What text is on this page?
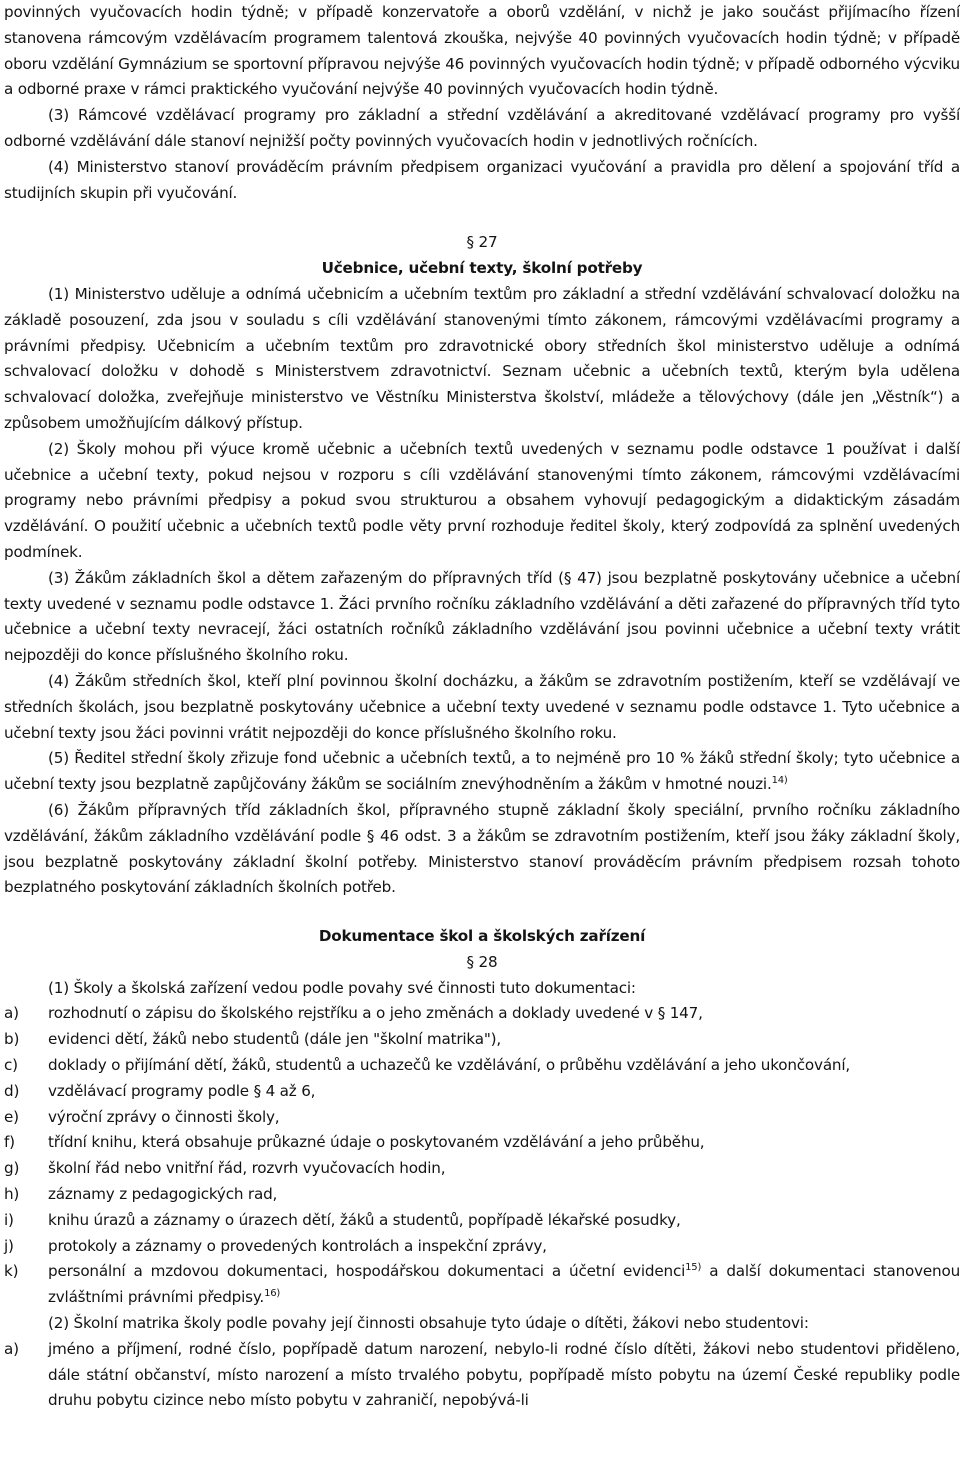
povinných vyučovacích hodin týdně; v případě konzervatoře a oborů vzdělání, v nichž je jako součást přijímacího řízení stanovena rámcovým vzdělávacím programem talentová zkouška, nejvýše 40 povinných vyučovacích hodin týdně; v případě oboru vzdělání Gymnázium se sportovní přípravou nejvýše 46 povinných vyučovacích hodin týdně; v případě odborného výcviku a odborné praxe v rámci praktického vyučování nejvýše 40 povinných vyučovacích hodin týdně.

(3) Rámcové vzdělávací programy pro základní a střední vzdělávání a akreditované vzdělávací programy pro vyšší odborné vzdělávání dále stanoví nejnižší počty povinných vyučovacích hodin v jednotlivých ročnících.

(4) Ministerstvo stanoví prováděcím právním předpisem organizaci vyučování a pravidla pro dělení a spojování tříd a studijních skupin při vyučování.

§ 27

Učebnice, učební texty, školní potřeby

(1) Ministerstvo uděluje a odnímá učebnicím a učebním textům pro základní a střední vzdělávání schvalovací doložku na základě posouzení, zda jsou v souladu s cíli vzdělávání stanovenými tímto zákonem, rámcovými vzdělávacími programy a právními předpisy. Učebnicím a učebním textům pro zdravotnické obory středních škol ministerstvo uděluje a odnímá schvalovací doložku v dohodě s Ministerstvem zdravotnictví. Seznam učebnic a učebních textů, kterým byla udělena schvalovací doložka, zveřejňuje ministerstvo ve Věstníku Ministerstva školství, mládeže a tělovýchovy (dále jen „Věstník“) a způsobem umožňujícím dálkový přístup.

(2) Školy mohou při výuce kromě učebnic a učebních textů uvedených v seznamu podle odstavce 1 používat i další učebnice a učební texty, pokud nejsou v rozporu s cíli vzdělávání stanovenými tímto zákonem, rámcovými vzdělávacími programy nebo právními předpisy a pokud svou strukturou a obsahem vyhovují pedagogickým a didaktickým zásadám vzdělávání. O použití učebnic a učebních textů podle věty první rozhoduje ředitel školy, který zodpovídá za splnění uvedených podmínek.

(3) Žákům základních škol a dětem zařazeným do přípravných tříd (§ 47) jsou bezplatně poskytovány učebnice a učební texty uvedené v seznamu podle odstavce 1. Žáci prvního ročníku základního vzdělávání a děti zařazené do přípravných tříd tyto učebnice a učební texty nevracejí, žáci ostatních ročníků základního vzdělávání jsou povinni učebnice a učební texty vrátit nejpozději do konce příslušného školního roku.

(4) Žákům středních škol, kteří plní povinnou školní docházku, a žákům se zdravotním postižením, kteří se vzdělávají ve středních školách, jsou bezplatně poskytovány učebnice a učební texty uvedené v seznamu podle odstavce 1. Tyto učebnice a učební texty jsou žáci povinni vrátit nejpozději do konce příslušného školního roku.

(5) Ředitel střední školy zřizuje fond učebnic a učebních textů, a to nejméně pro 10 % žáků střední školy; tyto učebnice a učební texty jsou bezplatně zapůjčovány žákům se sociálním znevýhodněním a žákům v hmotné nouzi.$^{14)}$

(6) Žákům přípravných tříd základních škol, přípravného stupně základní školy speciální, prvního ročníku základního vzdělávání, žákům základního vzdělávání podle § 46 odst. 3 a žákům se zdravotním postižením, kteří jsou žáky základní školy, jsou bezplatně poskytovány základní školní potřeby. Ministerstvo stanoví prováděcím právním předpisem rozsah tohoto bezplatného poskytování základních školních potřeb.

Dokumentace škol a školských zařízení

§ 28

(1) Školy a školská zařízení vedou podle povahy své činnosti tuto dokumentaci:

a) rozhodnutí o zápisu do školského rejstříku a o jeho změnách a doklady uvedené v § 147,
b) evidenci dětí, žáků nebo studentů (dále jen "školní matrika"),
c) doklady o přijímání dětí, žáků, studentů a uchazečů ke vzdělávání, o průběhu vzdělávání a jeho ukončování,
d) vzdělávací programy podle § 4 až 6,
e) výroční zprávy o činnosti školy,
f) třídní knihu, která obsahuje průkazné údaje o poskytovaném vzdělávání a jeho průběhu,
g) školní řád nebo vnitřní řád, rozvrh vyučovacích hodin,
h) záznamy z pedagogických rad,
i) knihu úrazů a záznamy o úrazech dětí, žáků a studentů, popřípadě lékařské posudky,
j) protokoly a záznamy o provedených kontrolách a inspekční zprávy,
k) personální a mzdovou dokumentaci, hospodářskou dokumentaci a účetní evidenci$^{15)}$ a další dokumentaci stanovenou zvláštními právními předpisy.$^{16)}$

(2) Školní matrika školy podle povahy její činnosti obsahuje tyto údaje o dítěti, žákovi nebo studentovi:

a) jméno a příjmení, rodné číslo, popřípadě datum narození, nebylo-li rodné číslo dítěti, žákovi nebo studentovi přiděleno, dále státní občanství, místo narození a místo trvalého pobytu, popřípadě místo pobytu na území České republiky podle druhu pobytu cizince nebo místo pobytu v zahraničí, nepobývá-li
